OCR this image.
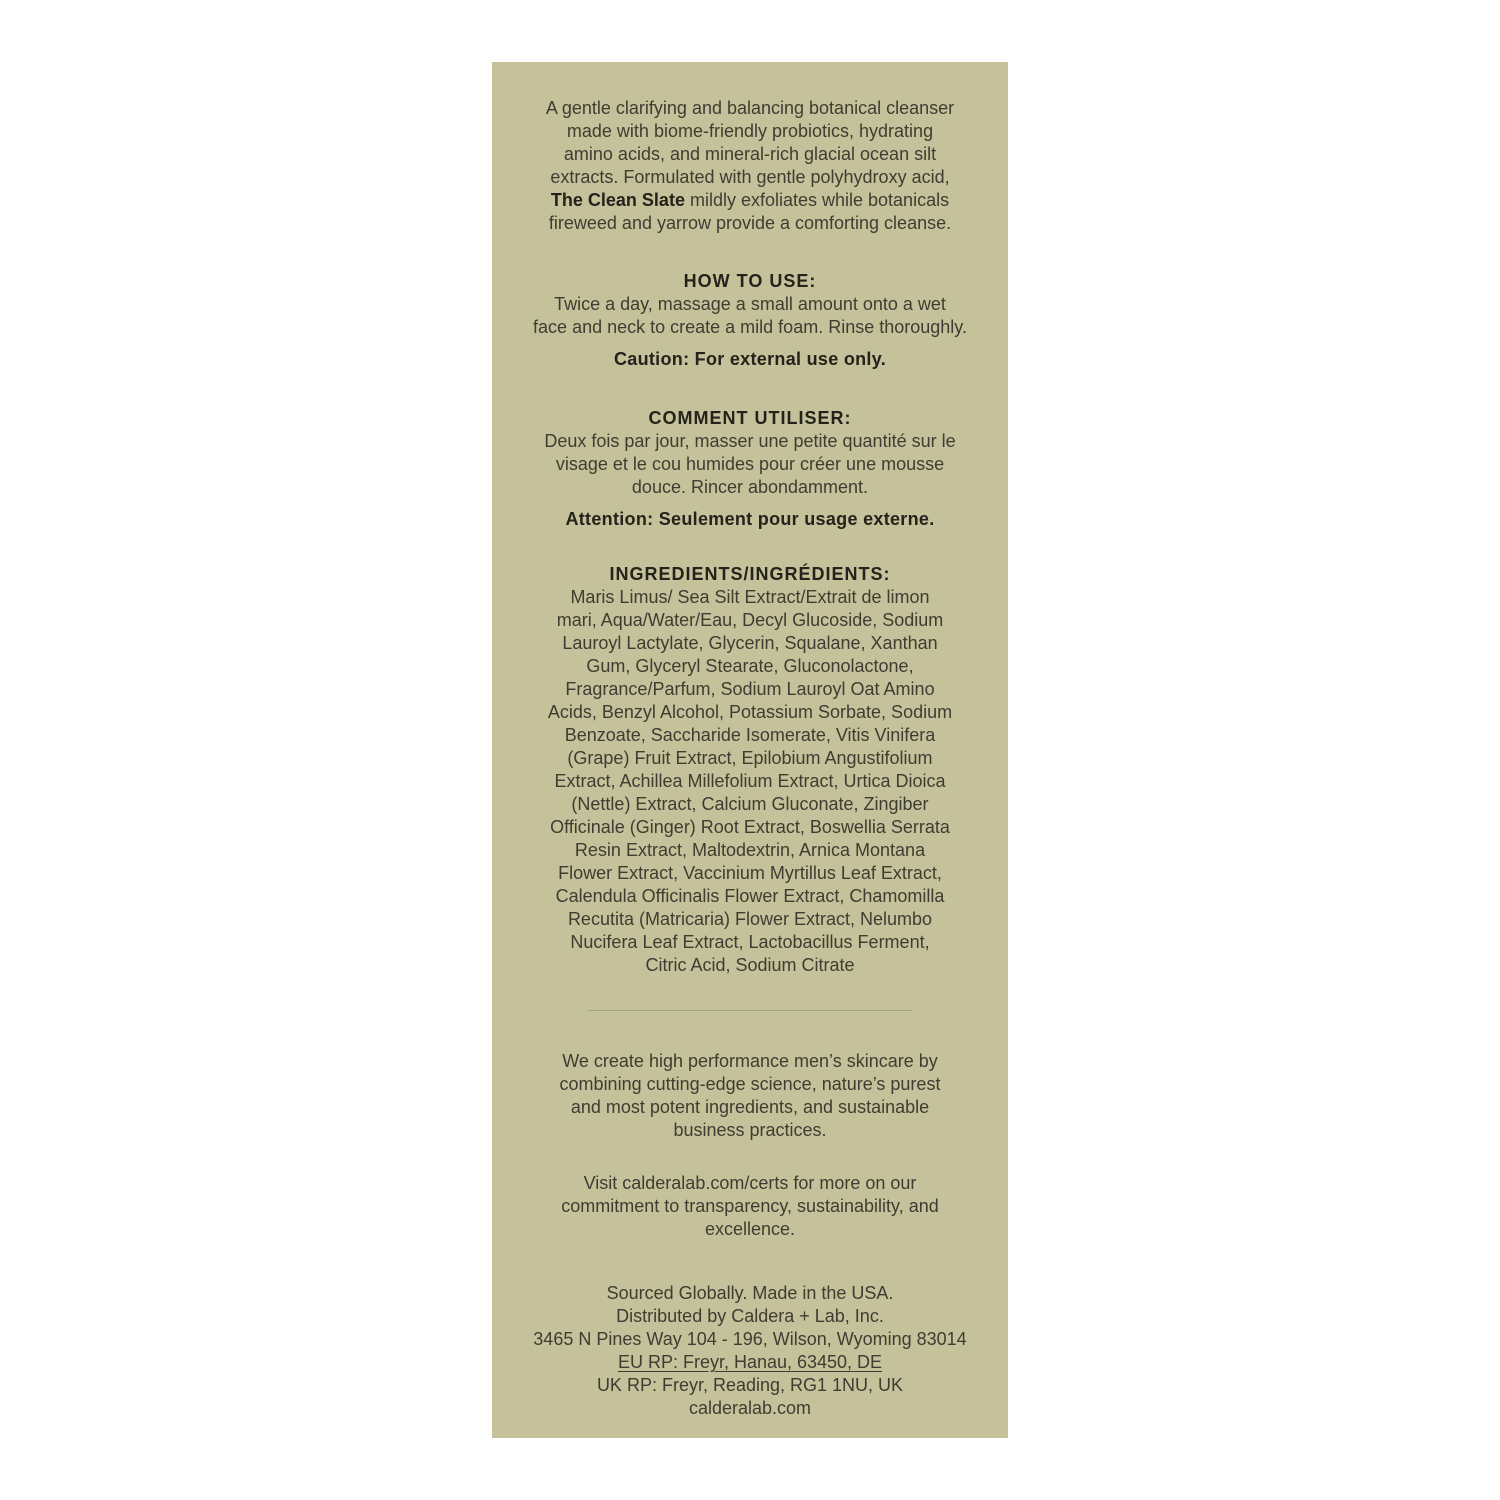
A gentle clarifying and balancing botanical cleanser
made with biome-friendly probiotics, hydrating
amino acids, and mineral-rich glacial ocean silt
extracts. Formulated with gentle polyhydroxy acid,
The Clean Slate mildly exfoliates while botanicals
fireweed and yarrow provide a comforting cleanse.
HOW TO USE:
Twice a day, massage a small amount onto a wet
face and neck to create a mild foam. Rinse thoroughly.
Caution: For external use only.
COMMENT UTILISER:
Deux fois par jour, masser une petite quantité sur le
visage et le cou humides pour créer une mousse
douce. Rincer abondamment.
Attention: Seulement pour usage externe.
INGREDIENTS/INGRÉDIENTS:
Maris Limus/ Sea Silt Extract/Extrait de limon
mari, Aqua/Water/Eau, Decyl Glucoside, Sodium
Lauroyl Lactylate, Glycerin, Squalane, Xanthan
Gum, Glyceryl Stearate, Gluconolactone,
Fragrance/Parfum, Sodium Lauroyl Oat Amino
Acids, Benzyl Alcohol, Potassium Sorbate, Sodium
Benzoate, Saccharide Isomerate, Vitis Vinifera
(Grape) Fruit Extract, Epilobium Angustifolium
Extract, Achillea Millefolium Extract, Urtica Dioica
(Nettle) Extract, Calcium Gluconate, Zingiber
Officinale (Ginger) Root Extract, Boswellia Serrata
Resin Extract, Maltodextrin, Arnica Montana
Flower Extract, Vaccinium Myrtillus Leaf Extract,
Calendula Officinalis Flower Extract, Chamomilla
Recutita (Matricaria) Flower Extract, Nelumbo
Nucifera Leaf Extract, Lactobacillus Ferment,
Citric Acid, Sodium Citrate
We create high performance men’s skincare by
combining cutting-edge science, nature’s purest
and most potent ingredients, and sustainable
business practices.
Visit calderalab.com/certs for more on our
commitment to transparency, sustainability, and
excellence.
Sourced Globally. Made in the USA.
Distributed by Caldera + Lab, Inc.
3465 N Pines Way 104 - 196, Wilson, Wyoming 83014
EU RP: Freyr, Hanau, 63450, DE
UK RP: Freyr, Reading, RG1 1NU, UK
calderalab.com
